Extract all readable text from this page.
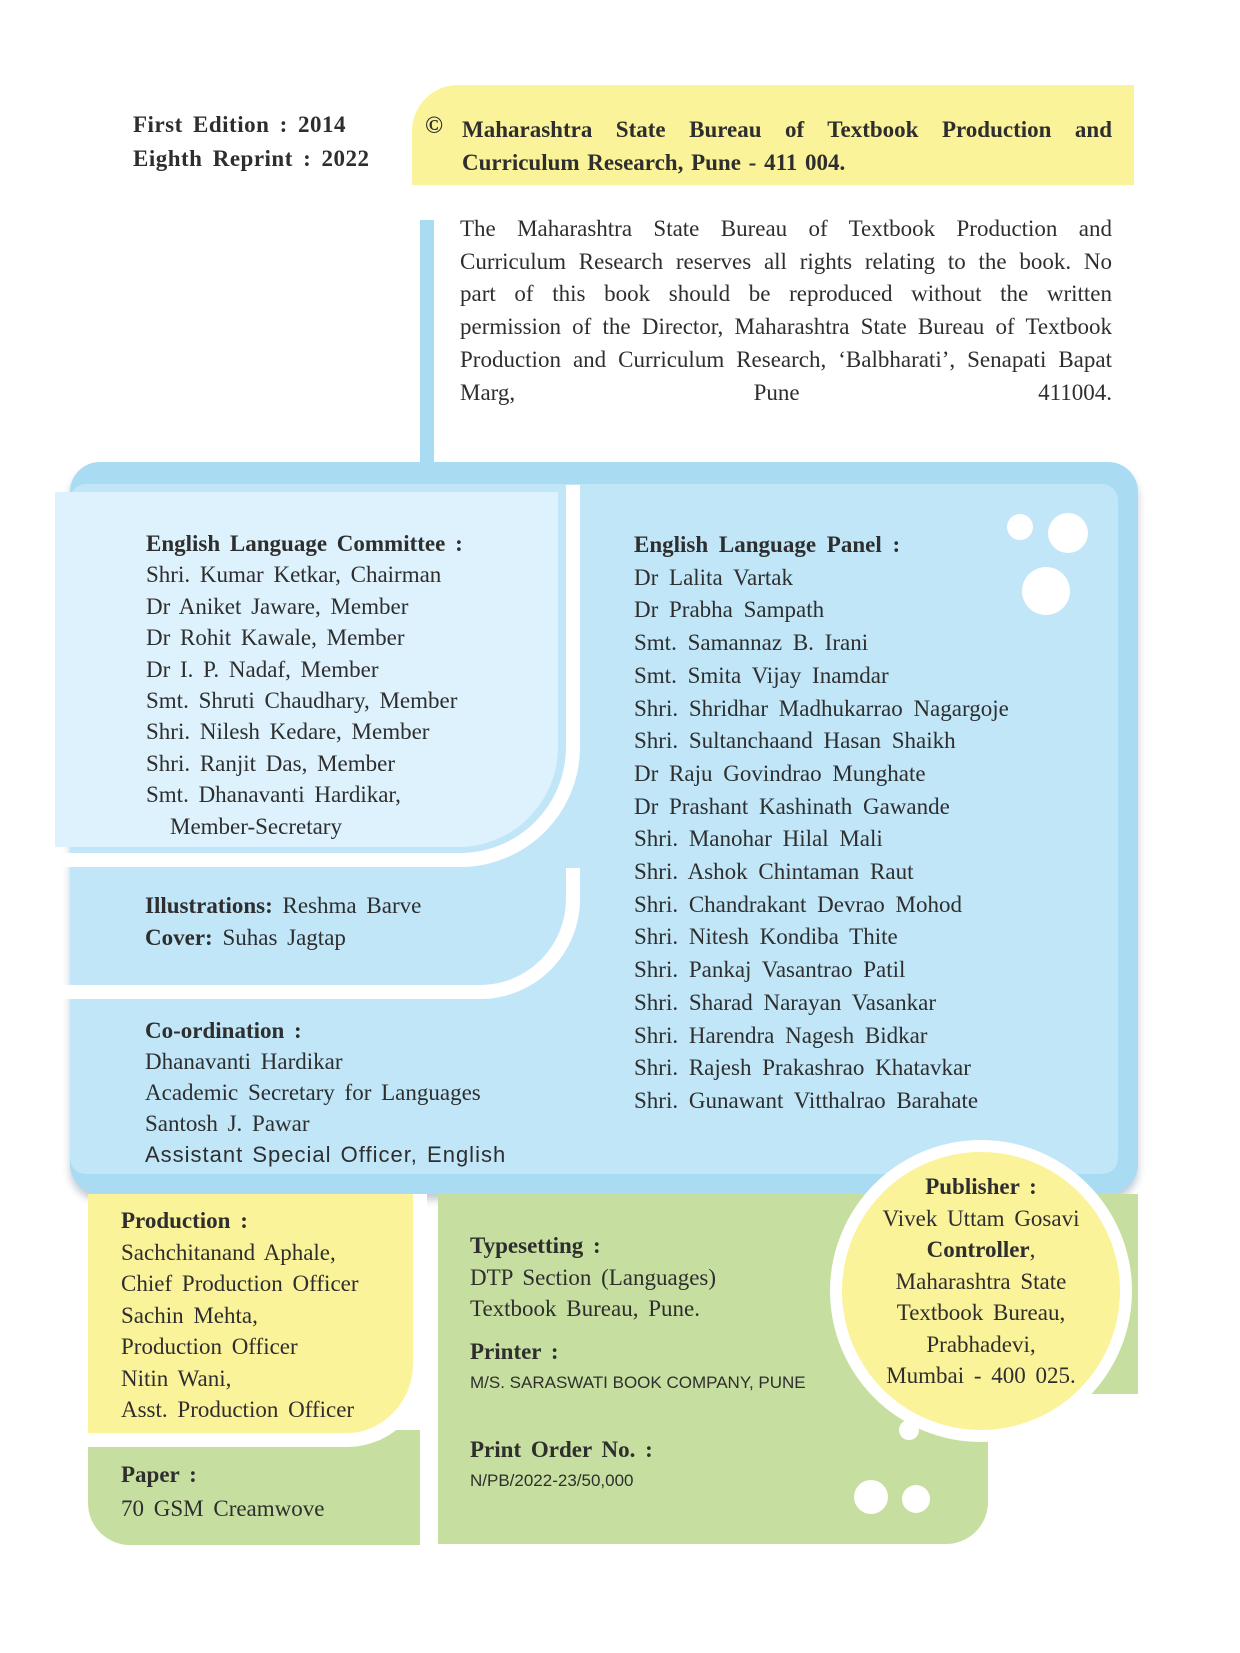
First Edition : 2014
Eighth Reprint : 2022
© Maharashtra State Bureau of Textbook Production and Curriculum Research, Pune - 411 004.
The Maharashtra State Bureau of Textbook Production and Curriculum Research reserves all rights relating to the book. No part of this book should be reproduced without the written permission of the Director, Maharashtra State Bureau of Textbook Production and Curriculum Research, ‘Balbharati’, Senapati Bapat Marg, Pune 411004.
English Language Committee :
Shri. Kumar Ketkar, Chairman
Dr Aniket Jaware, Member
Dr Rohit Kawale, Member
Dr I. P. Nadaf, Member
Smt. Shruti Chaudhary, Member
Shri. Nilesh Kedare, Member
Shri. Ranjit Das, Member
Smt. Dhanavanti Hardikar,
Member-Secretary
Illustrations: Reshma Barve
Cover: Suhas Jagtap
Co-ordination :
Dhanavanti Hardikar
Academic Secretary for Languages
Santosh J. Pawar
Assistant Special Officer, English
English Language Panel :
Dr Lalita Vartak
Dr Prabha Sampath
Smt. Samannaz B. Irani
Smt. Smita Vijay Inamdar
Shri. Shridhar Madhukarrao Nagargoje
Shri. Sultanchaand Hasan Shaikh
Dr Raju Govindrao Munghate
Dr Prashant Kashinath Gawande
Shri. Manohar Hilal Mali
Shri. Ashok Chintaman Raut
Shri. Chandrakant Devrao Mohod
Shri. Nitesh Kondiba Thite
Shri. Pankaj Vasantrao Patil
Shri. Sharad Narayan Vasankar
Shri. Harendra Nagesh Bidkar
Shri. Rajesh Prakashrao Khatavkar
Shri. Gunawant Vitthalrao Barahate
Production :
Sachchitanand Aphale,
Chief Production Officer
Sachin Mehta,
Production Officer
Nitin Wani,
Asst. Production Officer
Paper :
70 GSM Creamwove
Typesetting :
DTP Section (Languages)
Textbook Bureau, Pune.
Printer :
M/S. SARASWATI BOOK COMPANY, PUNE
Print Order No. :
N/PB/2022-23/50,000
Publisher :
Vivek Uttam Gosavi
Controller,
Maharashtra State
Textbook Bureau,
Prabhadevi,
Mumbai - 400 025.
